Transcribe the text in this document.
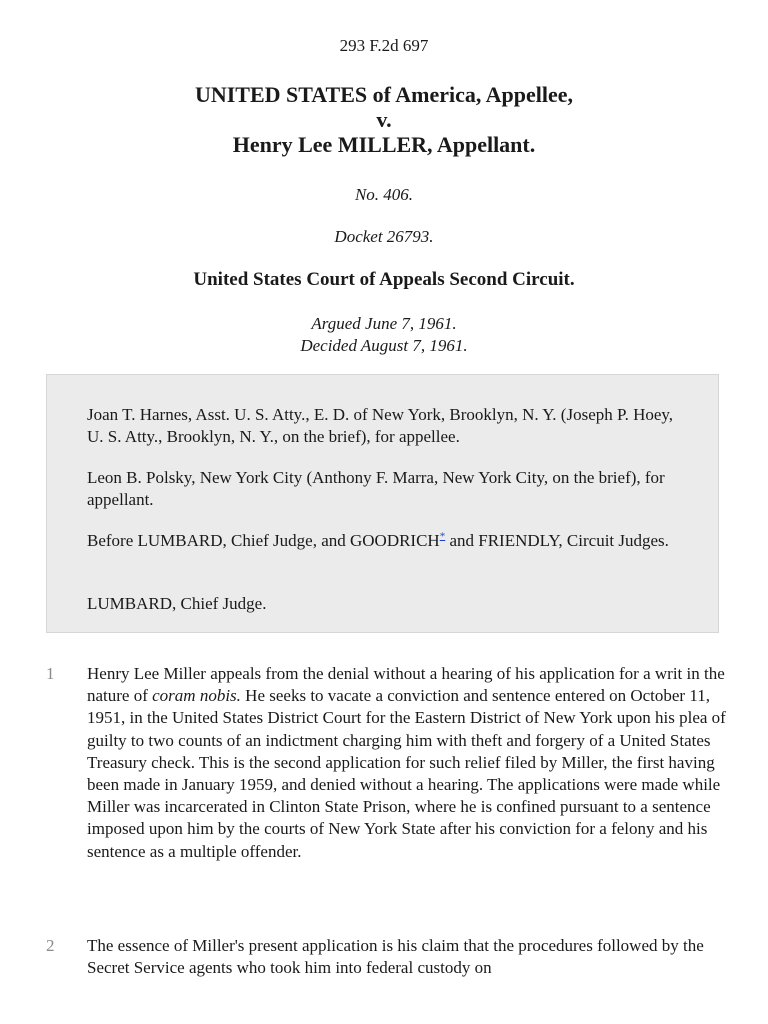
293 F.2d 697
UNITED STATES of America, Appellee,
v.
Henry Lee MILLER, Appellant.
No. 406.
Docket 26793.
United States Court of Appeals Second Circuit.
Argued June 7, 1961.
Decided August 7, 1961.

Joan T. Harnes, Asst. U. S. Atty., E. D. of New York, Brooklyn, N. Y. (Joseph P. Hoey, U. S. Atty., Brooklyn, N. Y., on the brief), for appellee.

Leon B. Polsky, New York City (Anthony F. Marra, New York City, on the brief), for appellant.

Before LUMBARD, Chief Judge, and GOODRICH* and FRIENDLY, Circuit Judges.

LUMBARD, Chief Judge.

1	Henry Lee Miller appeals from the denial without a hearing of his application for a writ in the nature of coram nobis. He seeks to vacate a conviction and sentence entered on October 11, 1951, in the United States District Court for the Eastern District of New York upon his plea of guilty to two counts of an indictment charging him with theft and forgery of a United States Treasury check. This is the second application for such relief filed by Miller, the first having been made in January 1959, and denied without a hearing. The applications were made while Miller was incarcerated in Clinton State Prison, where he is confined pursuant to a sentence imposed upon him by the courts of New York State after his conviction for a felony and his sentence as a multiple offender.

2	The essence of Miller's present application is his claim that the procedures followed by the Secret Service agents who took him into federal custody on
